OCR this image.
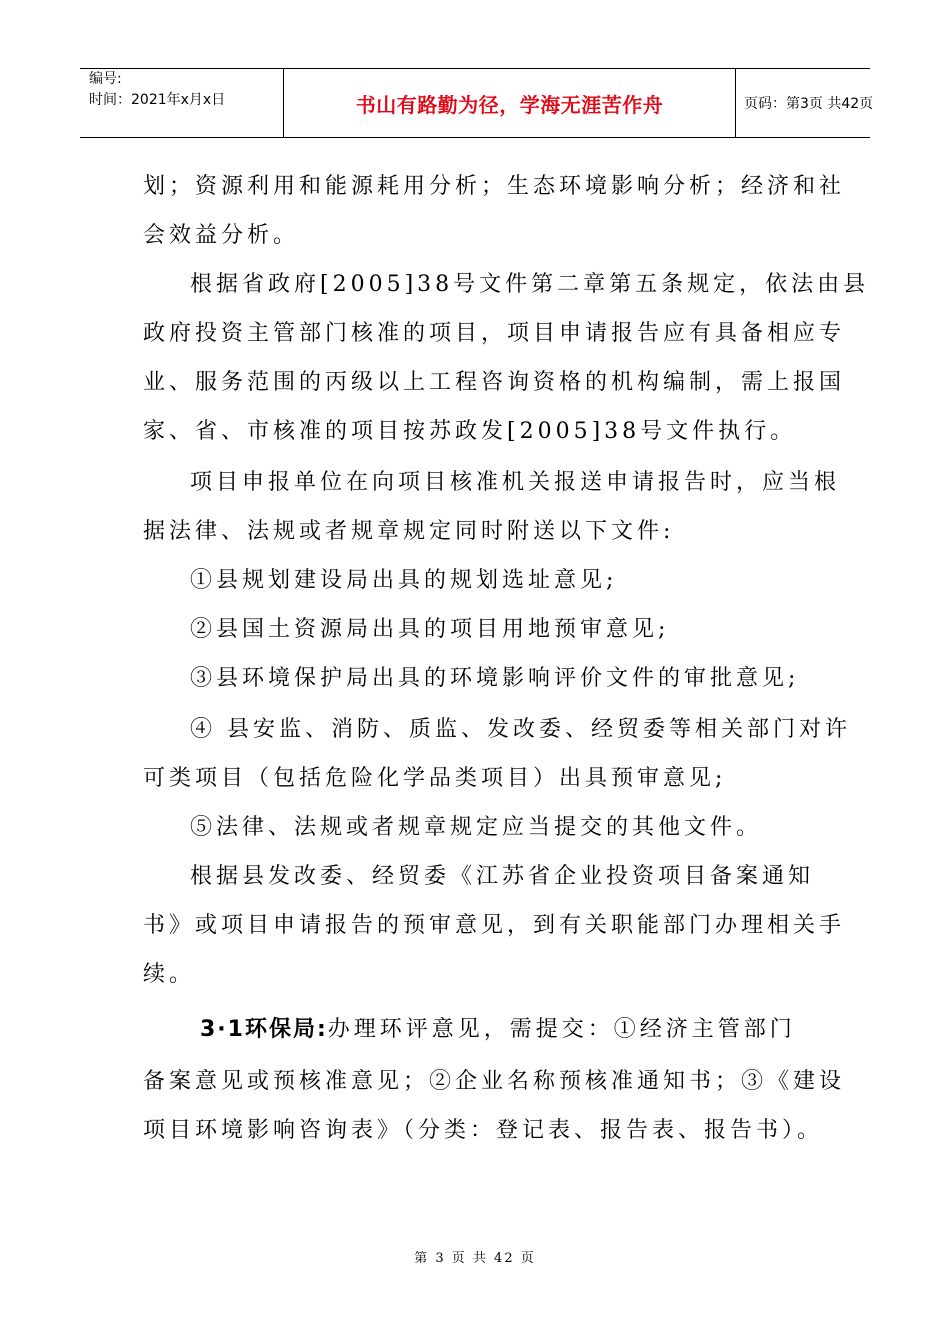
编号:
时间：2021年x月x日	书山有路勤为径，学海无涯苦作舟	页码：第3页 共42页
划；资源利用和能源耗用分析；生态环境影响分析；经济和社
会效益分析。
根据省政府[2005]38号文件第二章第五条规定，依法由县
政府投资主管部门核准的项目，项目申请报告应有具备相应专
业、服务范围的丙级以上工程咨询资格的机构编制，需上报国
家、省、市核准的项目按苏政发[2005]38号文件执行。
项目申报单位在向项目核准机关报送申请报告时，应当根
据法律、法规或者规章规定同时附送以下文件:
①县规划建设局出具的规划选址意见;
②县国土资源局出具的项目用地预审意见;
③县环境保护局出具的环境影响评价文件的审批意见;
④ 县安监、消防、质监、发改委、经贸委等相关部门对许
可类项目（包括危险化学品类项目）出具预审意见;
⑤法律、法规或者规章规定应当提交的其他文件。
根据县发改委、经贸委《江苏省企业投资项目备案通知
书》或项目申请报告的预审意见，到有关职能部门办理相关手
续。
3·1环保局:办理环评意见，需提交：①经济主管部门
备案意见或预核准意见；②企业名称预核准通知书；③《建设
项目环境影响咨询表》（分类：登记表、报告表、报告书）。
第 3 页 共 42 页
